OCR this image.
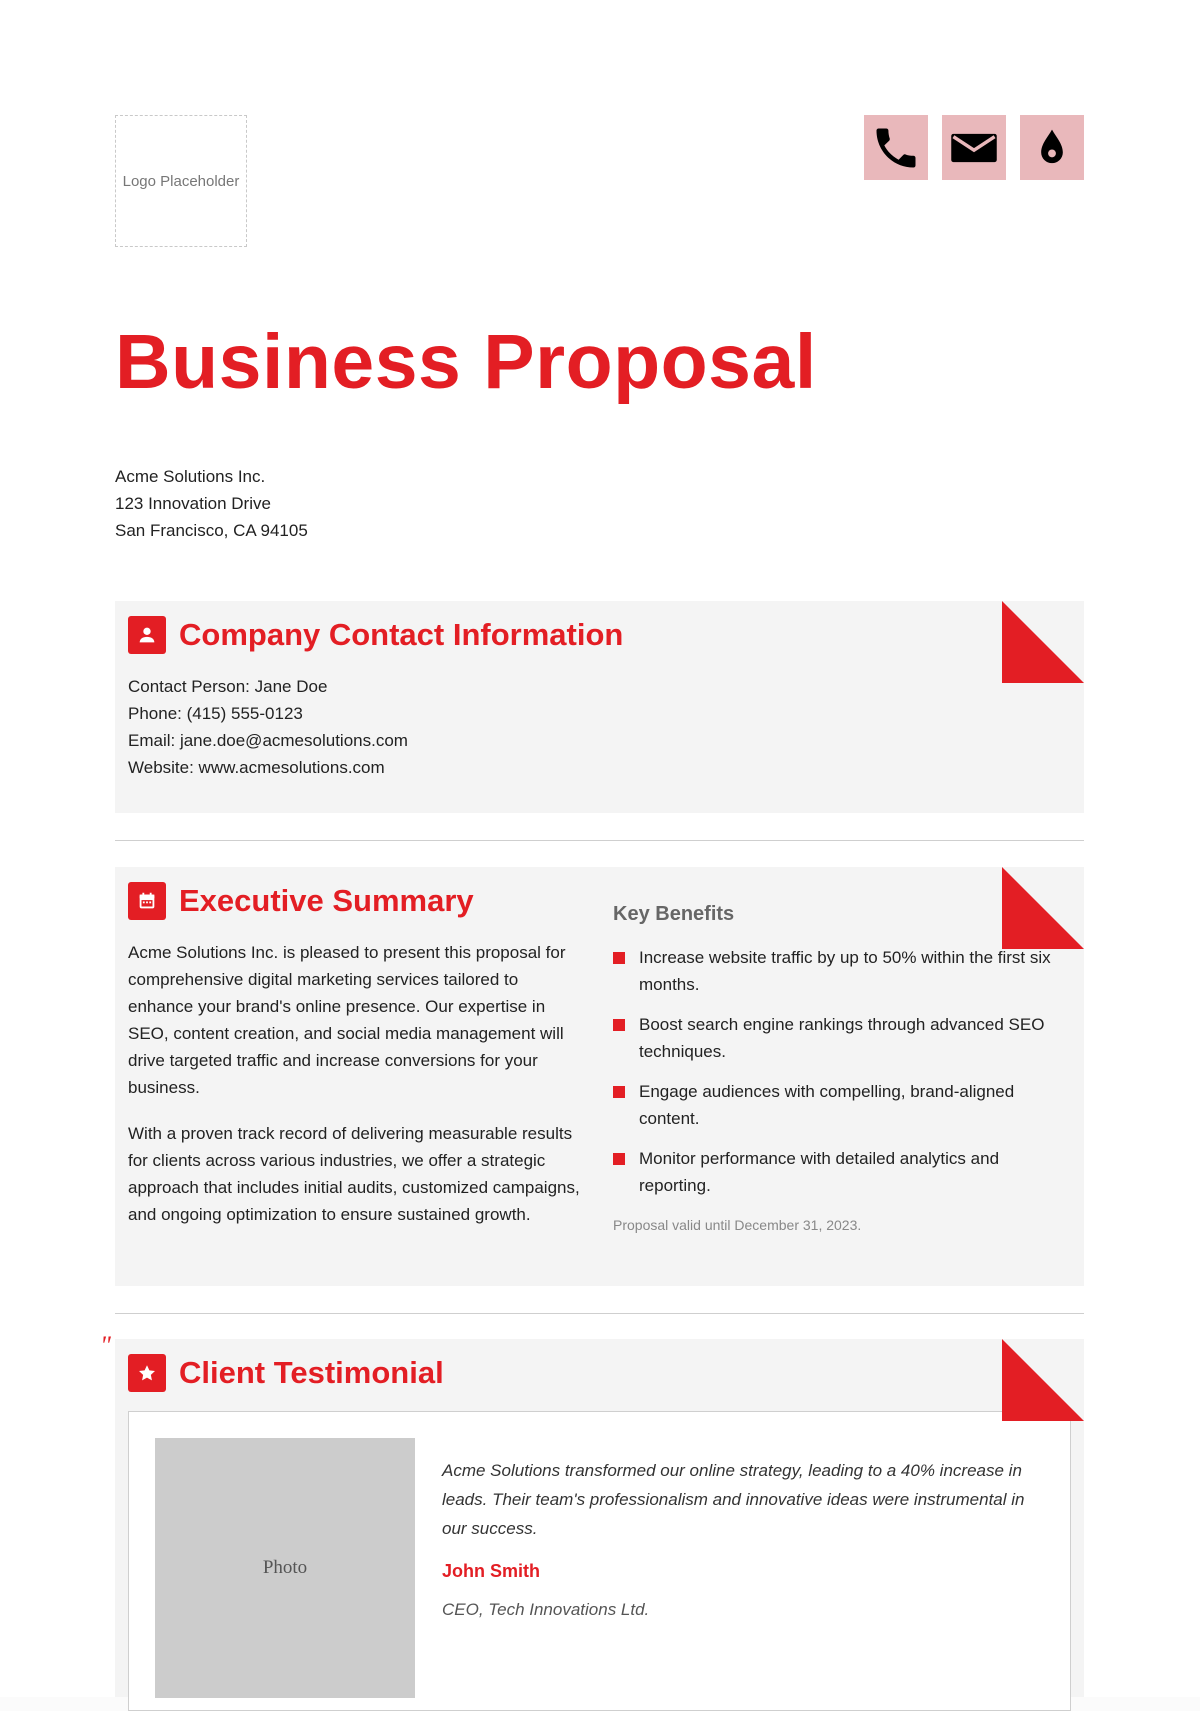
Logo Placeholder
Business Proposal
Acme Solutions Inc.
123 Innovation Drive
San Francisco, CA 94105
Company Contact Information
Contact Person: Jane Doe
Phone: (415) 555-0123
Email: jane.doe@acmesolutions.com
Website: www.acmesolutions.com
Executive Summary

Acme Solutions Inc. is pleased to present this proposal for comprehensive digital marketing services tailored to enhance your brand's online presence. Our expertise in SEO, content creation, and social media management will drive targeted traffic and increase conversions for your business.

With a proven track record of delivering measurable results for clients across various industries, we offer a strategic approach that includes initial audits, customized campaigns, and ongoing optimization to ensure sustained growth.

Key Benefits
Increase website traffic by up to 50% within the first six months.
Boost search engine rankings through advanced SEO techniques.
Engage audiences with compelling, brand-aligned content.
Monitor performance with detailed analytics and reporting.
Proposal valid until December 31, 2023.
"
Client Testimonial
Photo

Acme Solutions transformed our online strategy, leading to a 40% increase in leads. Their team's professionalism and innovative ideas were instrumental in our success.

John Smith
CEO, Tech Innovations Ltd.
